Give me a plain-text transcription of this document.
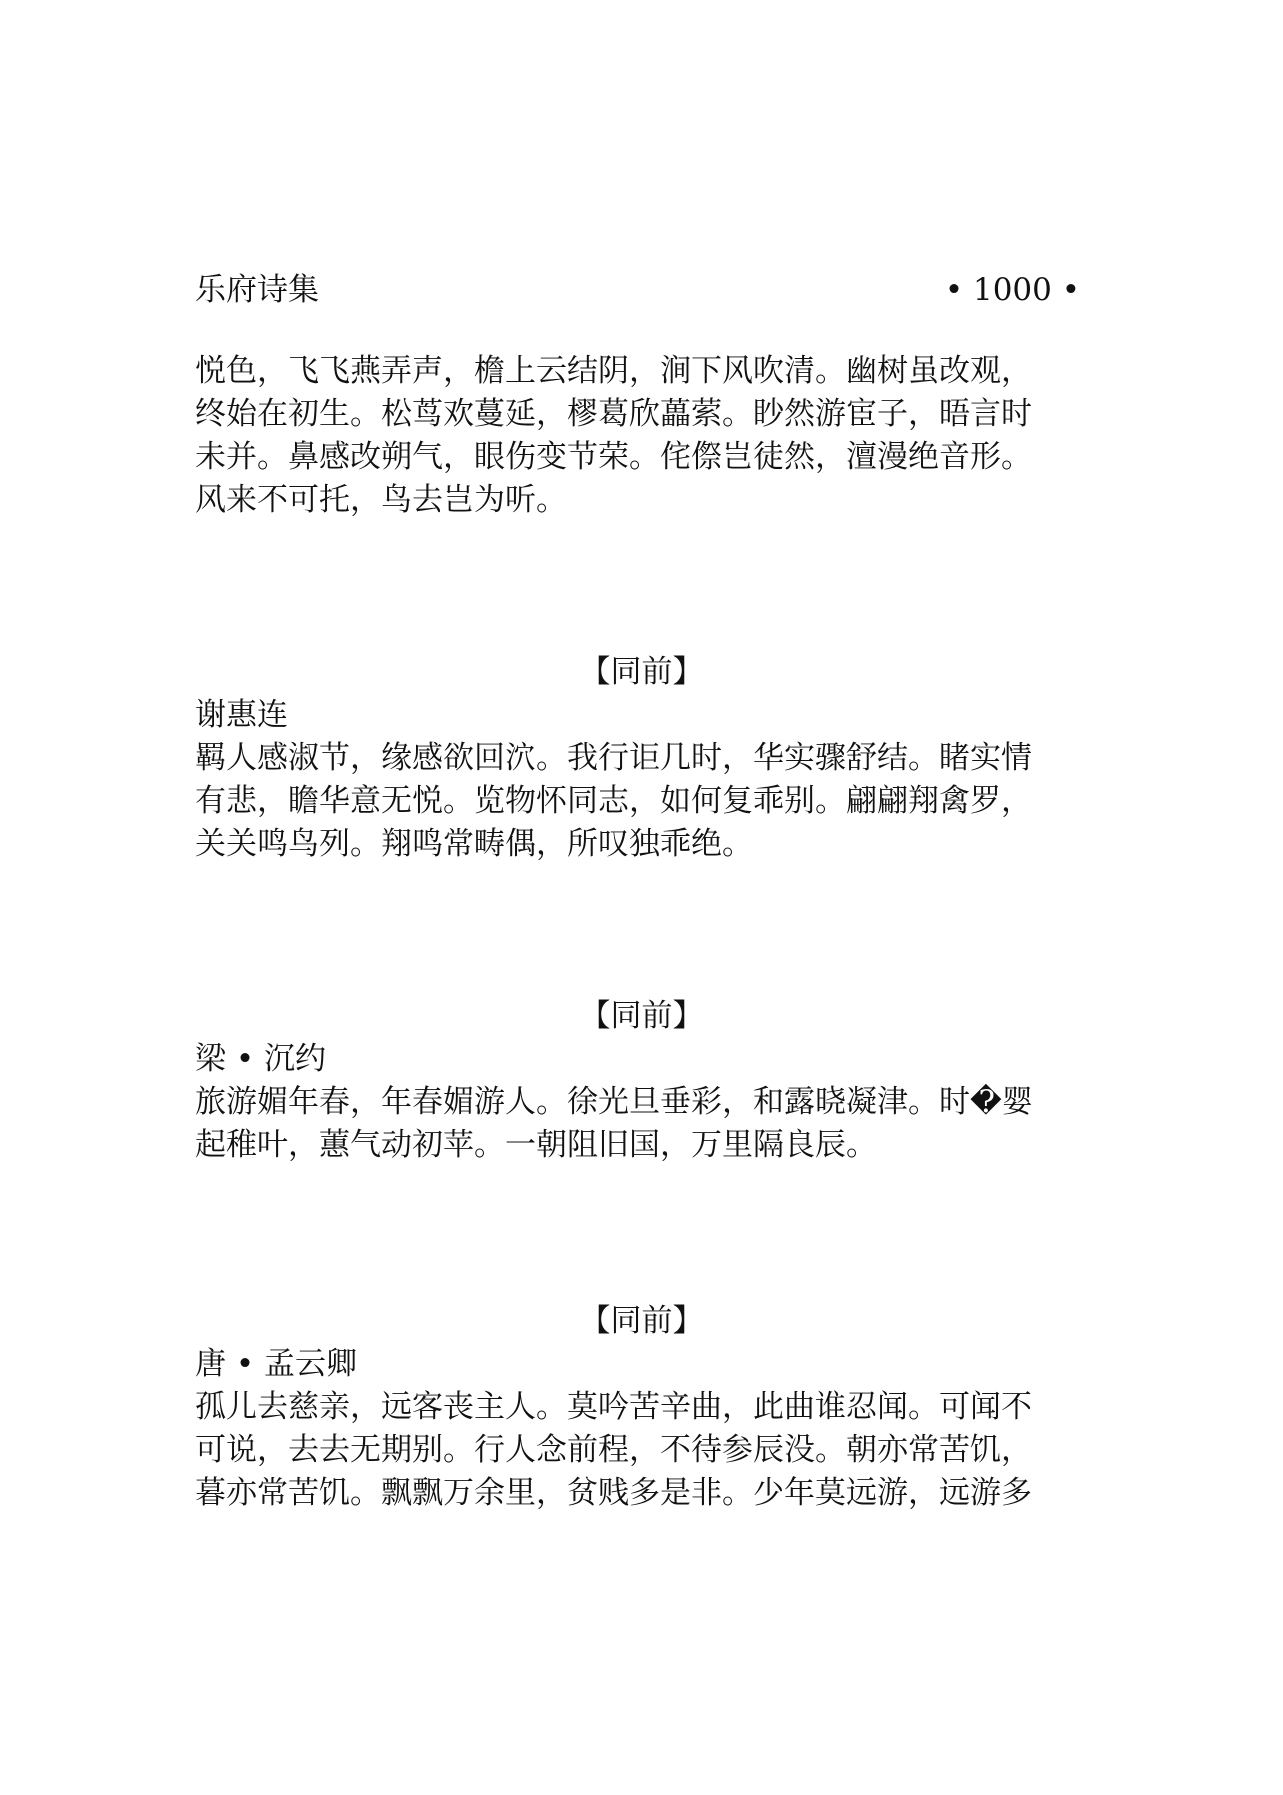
乐府诗集	• 1000 •
悦色，飞飞燕弄声，檐上云结阴，涧下风吹清。幽树虽改观，
终始在初生。松茑欢蔓延，樛葛欣藟萦。眇然游宦子，晤言时
未并。鼻感改朔气，眼伤变节荣。侘傺岂徒然，澶漫绝音形。
风来不可托，鸟去岂为听。
【同前】
谢惠连
羁人感淑节，缘感欲回泬。我行讵几时，华实骤舒结。睹实情
有悲，瞻华意无悦。览物怀同志，如何复乖别。翩翩翔禽罗，
关关鸣鸟列。翔鸣常畴偶，所叹独乖绝。
【同前】
梁 • 沉约
旅游媚年春，年春媚游人。徐光旦垂彩，和露晓凝津。时�婴
起稚叶，蕙气动初苹。一朝阻旧国，万里隔良辰。
【同前】
唐 • 孟云卿
孤儿去慈亲，远客丧主人。莫吟苦辛曲，此曲谁忍闻。可闻不
可说，去去无期别。行人念前程，不待参辰没。朝亦常苦饥，
暮亦常苦饥。飘飘万余里，贫贱多是非。少年莫远游，远游多
